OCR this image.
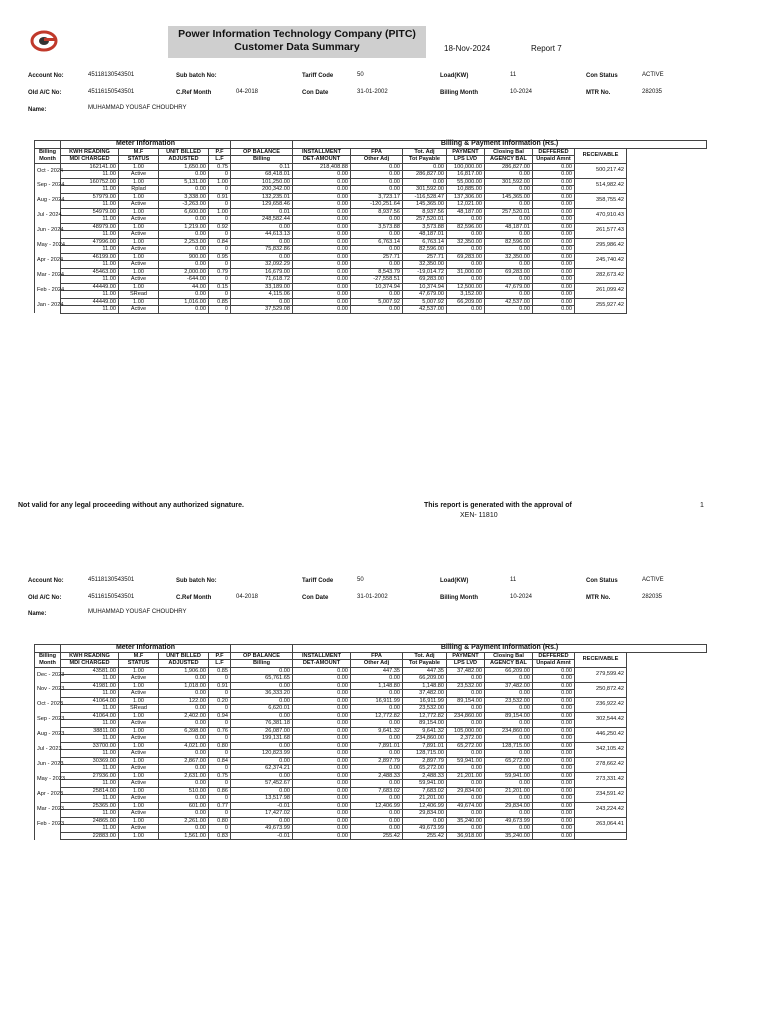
Power Information Technology Company (PITC)
Customer Data Summary	18-Nov-2024	Report 7
Account No:	45118130543501	Sub batch No:	Tariff Code	50	Load(KW)	11	Con Status	ACTIVE
Old A/C No:	45116150543501	C.Ref Month	04-2018	Con Date	31-01-2002	Billing Month	10-2024	MTR No.	282035
Name:	MUHAMMAD YOUSAF CHOUDHRY
	Meter Information					Billing & Payment Information (Rs.)						
Billing Month	KWH READING	M.F	UNIT BILLED	P.F	OP BALANCE	INSTALLMENT	FPA	Tot. Adj	PAYMENT	Closing Bal	DEFFERED	RECEIVABLE
	MDI CHARGED	STATUS	ADJUSTED	L.F	Billing	DET-AMOUNT	Other Adj	Tot Payable	LPS LVD	AGENCY BAL	Unpaid Amnt	
Oct - 2024	162141.00	1.00	1,650.00	0.75	0.11	218,408.88	0.00	0.00	100,000.00	286,827.00	0.00	500,217.42
	11.00	Active	0.00	0	68,418.01	0.00	0.00	286,827.00	16,817.00	0.00	0.00	
Sep - 2024	160752.00	1.00	5,131.00	1.00	101,250.00	0.00	0.00	0.00	55,000.00	301,592.00	0.00	514,982.42
	11.00	Rplad	0.00	0	200,342.00	0.00	0.00	301,592.00	10,885.00	0.00	0.00	
Aug - 2024	57979.00	1.00	3,338.00	0.91	132,235.01	0.00	3,723.17	-116,528.47	137,306.00	145,365.00	0.00	358,755.42
	11.00	Active	-3,263.00	0	129,658.46	0.00	-120,251.64	145,365.00	12,021.00	0.00	0.00	
Jul - 2024	54979.00	1.00	6,600.00	1.00	0.01	0.00	8,937.56	8,937.56	48,187.00	257,520.01	0.00	470,910.43
	11.00	Active	0.00	0	248,582.44	0.00	0.00	257,520.01	0.00	0.00	0.00	
Jun - 2024	48979.00	1.00	1,219.00	0.92	0.00	0.00	3,573.88	3,573.88	82,596.00	48,187.01	0.00	261,577.43
	11.00	Active	0.00	0	44,613.13	0.00	0.00	48,187.01	0.00	0.00	0.00	
May - 2024	47996.00	1.00	2,253.00	0.84	0.00	0.00	6,763.14	6,763.14	32,350.00	82,596.00	0.00	295,986.42
	11.00	Active	0.00	0	75,832.86	0.00	0.00	82,596.00	0.00	0.00	0.00	
Apr - 2024	46199.00	1.00	900.00	0.95	0.00	0.00	257.71	257.71	69,283.00	32,350.00	0.00	245,740.42
	11.00	Active	0.00	0	32,092.29	0.00	0.00	32,350.00	0.00	0.00	0.00	
Mar - 2024	45463.00	1.00	2,000.00	0.79	16,679.00	0.00	8,543.79	-19,014.72	31,000.00	69,283.00	0.00	282,673.42
	11.00	Active	-644.00	0	71,618.72	0.00	-27,558.51	69,283.00	0.00	0.00	0.00	
Feb - 2024	44449.00	1.00	44.00	0.15	33,189.00	0.00	10,374.94	10,374.94	12,500.00	47,679.00	0.00	261,099.42
	11.00	SRead	0.00	0	4,115.06	0.00	0.00	47,679.00	3,152.00	0.00	0.00	
Jan - 2024	44449.00	1.00	1,016.00	0.85	0.00	0.00	5,007.92	5,007.92	66,209.00	42,537.00	0.00	255,927.42
	11.00	Active	0.00	0	37,529.08	0.00	0.00	42,537.00	0.00	0.00	0.00	
Not valid for any legal proceeding without any authorized signature.	This report is generated with the approval of
XEN- 11810
1
Account No:	45118130543501	Sub batch No:	Tariff Code	50	Load(KW)	11	Con Status	ACTIVE
Old A/C No:	45116150543501	C.Ref Month	04-2018	Con Date	31-01-2002	Billing Month	10-2024	MTR No.	282035
Name:	MUHAMMAD YOUSAF CHOUDHRY
	Meter Information					Billing & Payment Information (Rs.)						
Billing Month	KWH READING	M.F	UNIT BILLED	P.F	OP BALANCE	INSTALLMENT	FPA	Tot. Adj	PAYMENT	Closing Bal	DEFFERED	RECEIVABLE
	MDI CHARGED	STATUS	ADJUSTED	L.F	Billing	DET-AMOUNT	Other Adj	Tot Payable	LPS LVD	AGENCY BAL	Unpaid Amnt	
Dec - 2023	43581.00	1.00	1,906.00	0.85	0.00	0.00	447.35	447.35	37,482.00	66,209.00	0.00	279,599.42
	11.00	Active	0.00	0	65,761.65	0.00	0.00	66,209.00	0.00	0.00	0.00	
Nov - 2023	41981.00	1.00	1,018.00	0.91	0.00	0.00	1,148.80	1,148.80	23,532.00	37,482.00	0.00	250,872.42
	11.00	Active	0.00	0	36,333.20	0.00	0.00	37,482.00	0.00	0.00	0.00	
Oct - 2023	41064.00	1.00	122.00	0.20	0.00	0.00	16,911.99	16,911.99	89,154.00	23,532.00	0.00	236,922.42
	11.00	SRead	0.00	0	6,620.01	0.00	0.00	23,532.00	0.00	0.00	0.00	
Sep - 2023	41064.00	1.00	2,402.00	0.94	0.00	0.00	12,772.82	12,772.82	234,860.00	89,154.00	0.00	302,544.42
	11.00	Active	0.00	0	76,381.18	0.00	0.00	89,154.00	0.00	0.00	0.00	
Aug - 2023	38811.00	1.00	6,398.00	0.76	26,087.00	0.00	9,641.32	9,641.32	105,000.00	234,860.00	0.00	446,250.42
	11.00	Active	0.00	0	199,131.68	0.00	0.00	234,860.00	2,372.00	0.00	0.00	
Jul - 2023	33700.00	1.00	4,021.00	0.80	0.00	0.00	7,891.01	7,891.01	65,272.00	128,715.00	0.00	342,105.42
	11.00	Active	0.00	0	120,823.99	0.00	0.00	128,715.00	0.00	0.00	0.00	
Jun - 2023	30369.00	1.00	2,867.00	0.84	0.00	0.00	2,897.79	2,897.79	59,941.00	65,272.00	0.00	278,662.42
	11.00	Active	0.00	0	62,374.21	0.00	0.00	65,272.00	0.00	0.00	0.00	
May - 2023	27936.00	1.00	2,631.00	0.75	0.00	0.00	2,488.33	2,488.33	21,201.00	59,941.00	0.00	273,331.42
	11.00	Active	0.00	0	57,452.67	0.00	0.00	59,941.00	0.00	0.00	0.00	
Apr - 2023	25814.00	1.00	510.00	0.86	0.00	0.00	7,683.02	7,683.02	29,834.00	21,201.00	0.00	234,591.42
	11.00	Active	0.00	0	13,517.98	0.00	0.00	21,201.00	0.00	0.00	0.00	
Mar - 2023	25365.00	1.00	601.00	0.77	-0.01	0.00	12,406.99	12,406.99	49,674.00	29,834.00	0.00	243,224.42
	11.00	Active	0.00	0	17,427.02	0.00	0.00	29,834.00	0.00	0.00	0.00	
Feb - 2023	24865.00	1.00	2,261.00	0.80	0.00	0.00	0.00	0.00	35,240.00	49,673.99	0.00	263,064.41
	11.00	Active	0.00	0	49,673.99	0.00	0.00	49,673.99	0.00	0.00	0.00	
	22883.00	1.00	1,561.00	0.83	-0.01	0.00	255.42	255.42	36,918.00	35,240.00	0.00	
